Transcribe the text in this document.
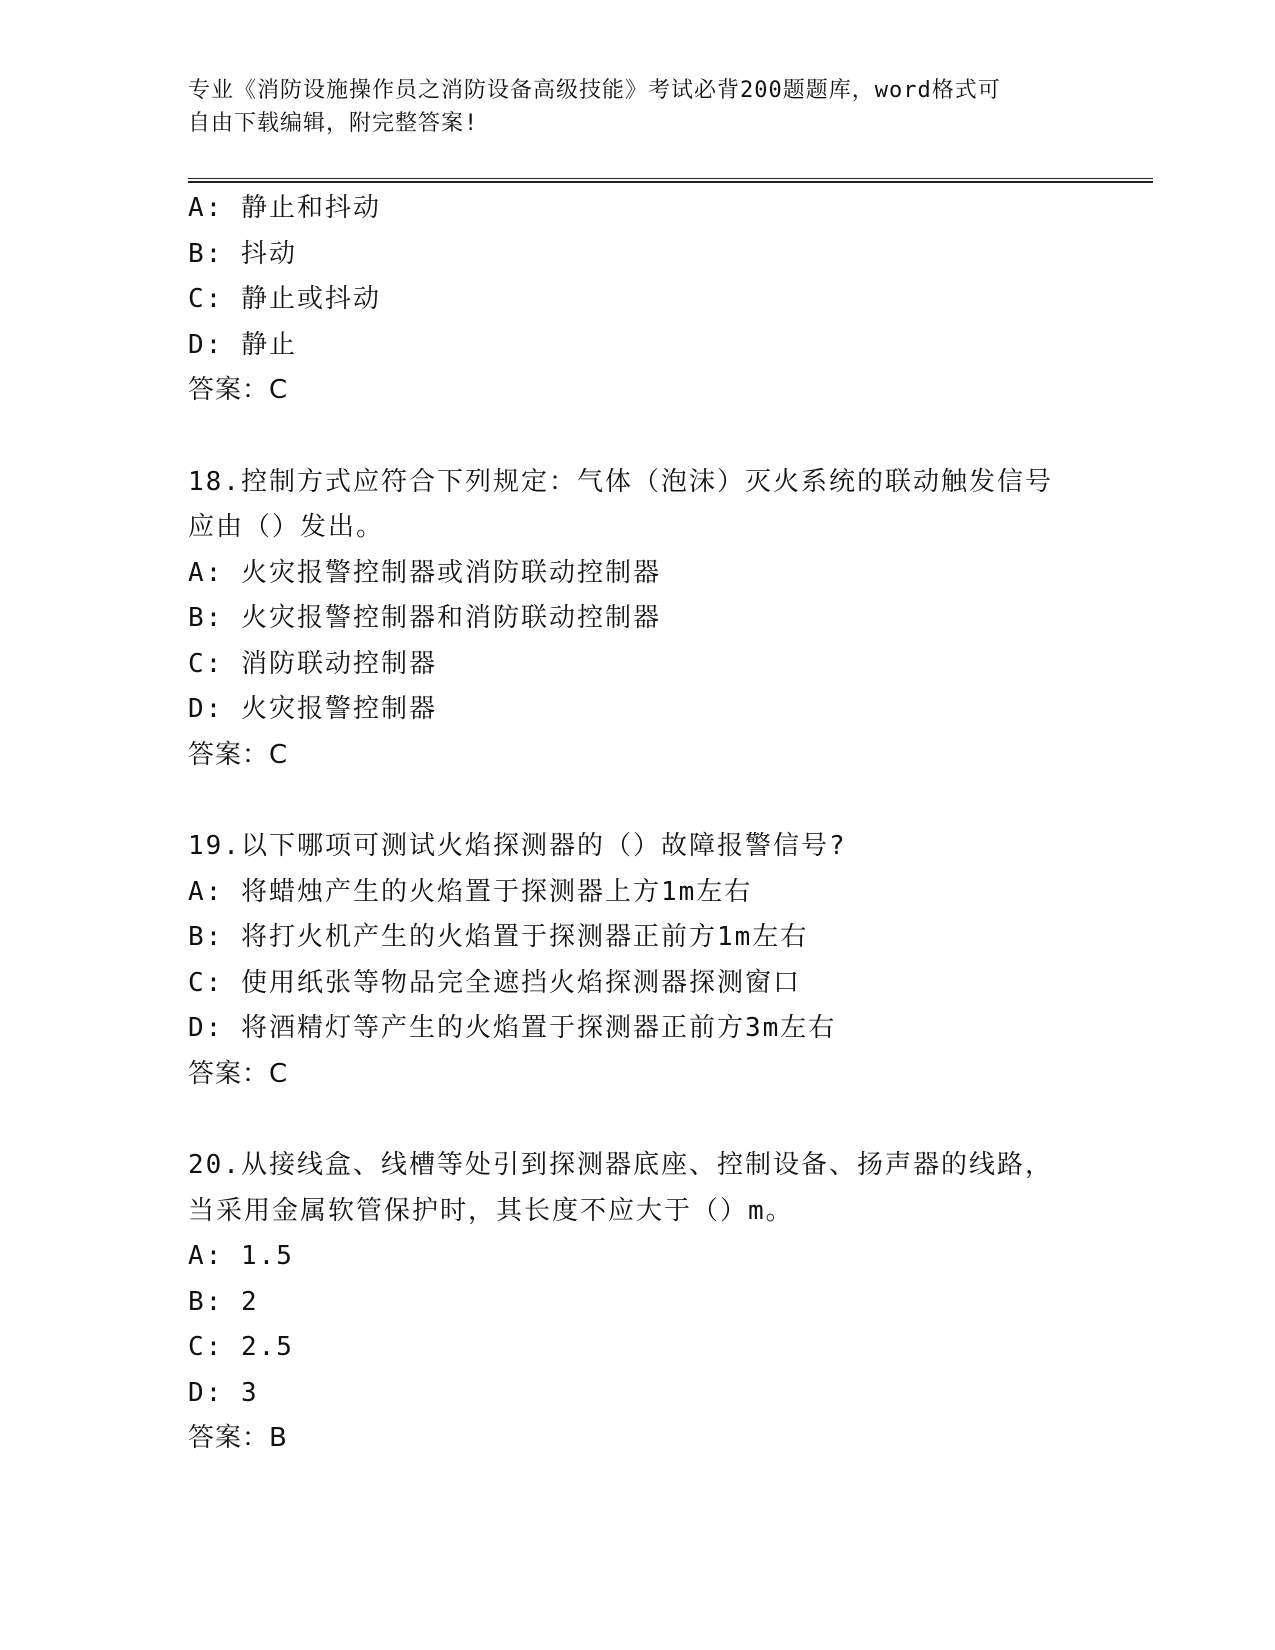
专业《消防设施操作员之消防设备高级技能》考试必背200题题库，word格式可
自由下载编辑，附完整答案!
A: 静止和抖动
B: 抖动
C: 静止或抖动
D: 静止
答案：C
18.控制方式应符合下列规定：气体（泡沫）灭火系统的联动触发信号
应由（）发出。
A: 火灾报警控制器或消防联动控制器
B: 火灾报警控制器和消防联动控制器
C: 消防联动控制器
D: 火灾报警控制器
答案：C
19.以下哪项可测试火焰探测器的（）故障报警信号?
A: 将蜡烛产生的火焰置于探测器上方1m左右
B: 将打火机产生的火焰置于探测器正前方1m左右
C: 使用纸张等物品完全遮挡火焰探测器探测窗口
D: 将酒精灯等产生的火焰置于探测器正前方3m左右
答案：C
20.从接线盒、线槽等处引到探测器底座、控制设备、扬声器的线路，
当采用金属软管保护时，其长度不应大于（）m。
A: 1.5
B: 2
C: 2.5
D: 3
答案：B
